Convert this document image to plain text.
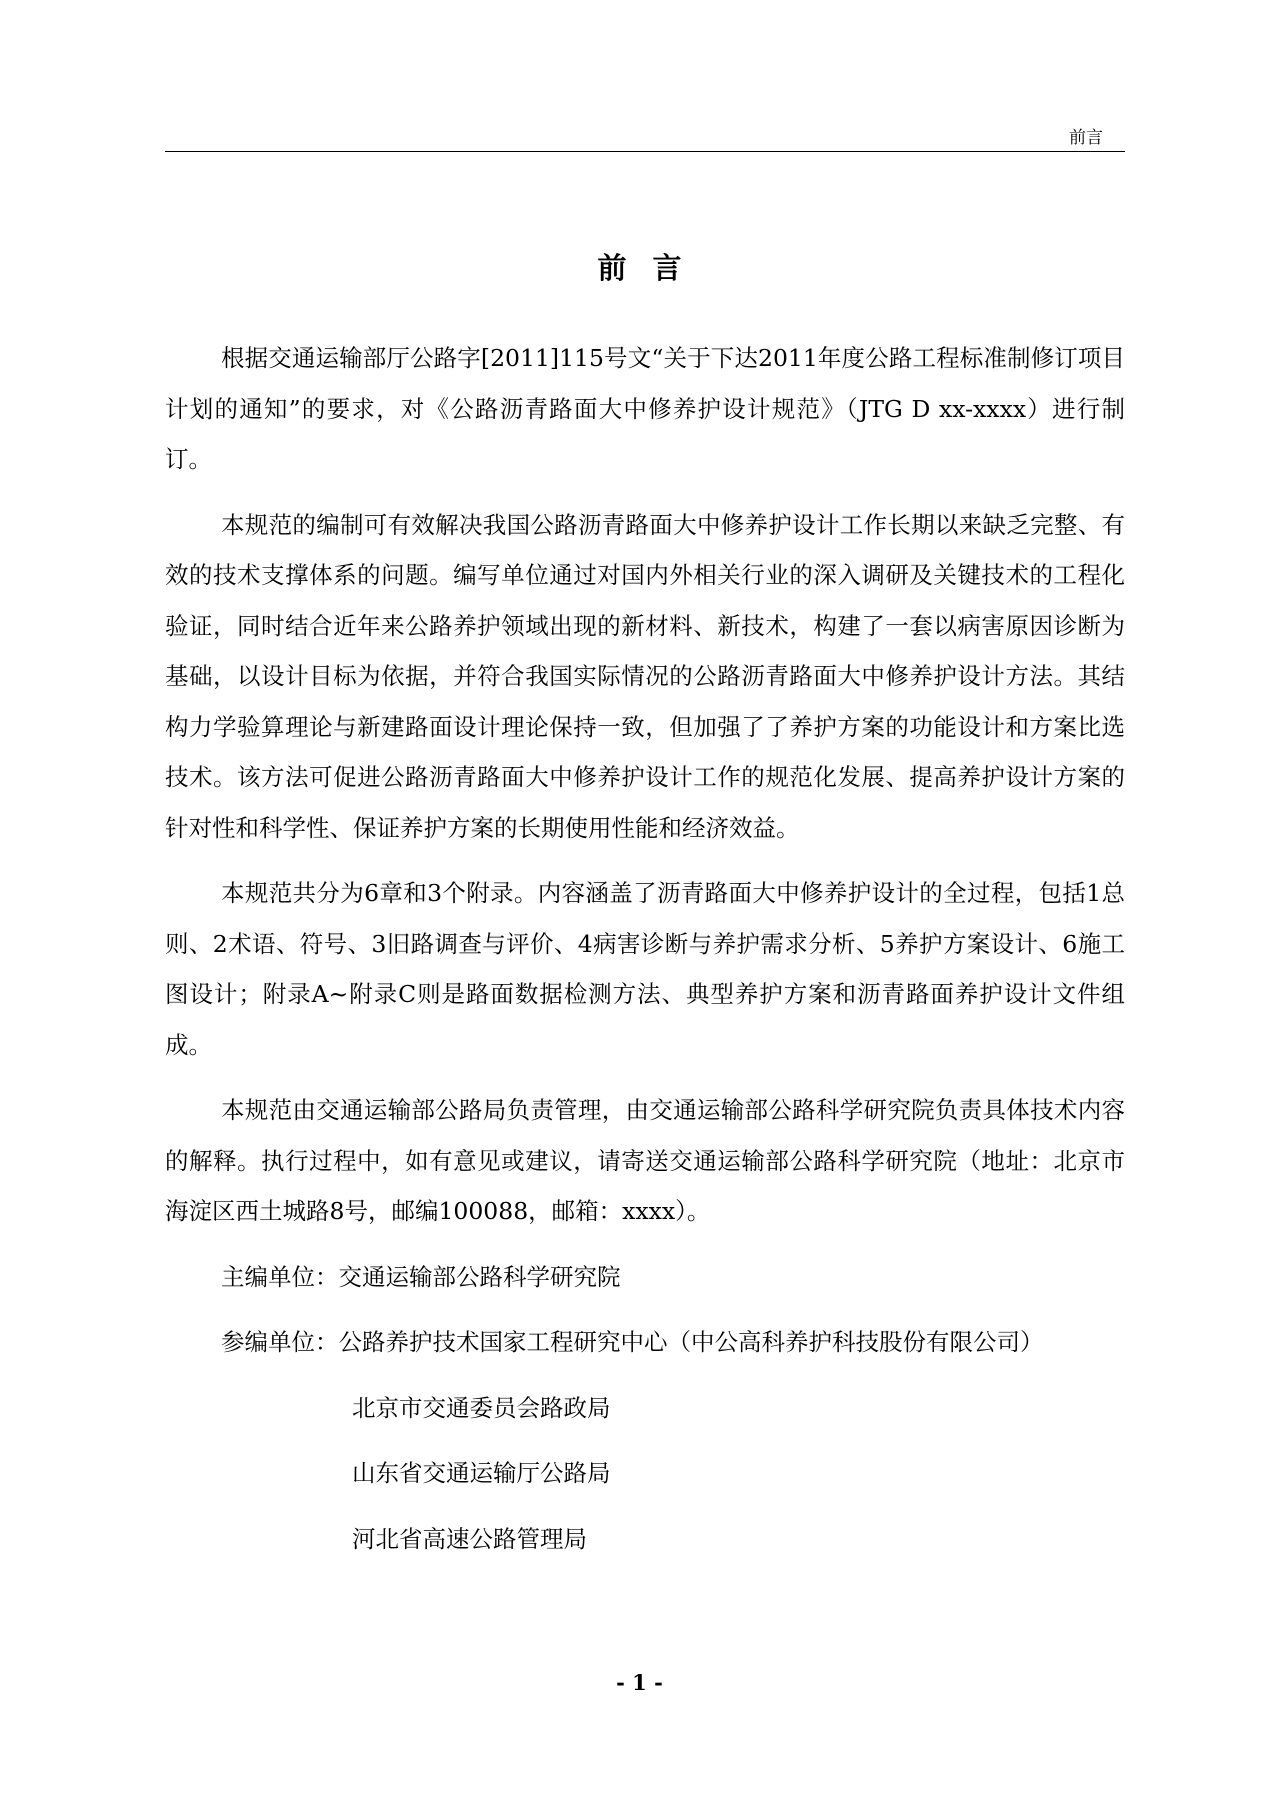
前言
前言

根据交通运输部厅公路字[2011]115号文“关于下达2011年度公路工程标准制修订项目计划的通知”的要求，对《公路沥青路面大中修养护设计规范》（JTG D xx-xxxx）进行制订。

本规范的编制可有效解决我国公路沥青路面大中修养护设计工作长期以来缺乏完整、有效的技术支撑体系的问题。编写单位通过对国内外相关行业的深入调研及关键技术的工程化验证，同时结合近年来公路养护领域出现的新材料、新技术，构建了一套以病害原因诊断为基础，以设计目标为依据，并符合我国实际情况的公路沥青路面大中修养护设计方法。其结构力学验算理论与新建路面设计理论保持一致，但加强了了养护方案的功能设计和方案比选技术。该方法可促进公路沥青路面大中修养护设计工作的规范化发展、提高养护设计方案的针对性和科学性、保证养护方案的长期使用性能和经济效益。

本规范共分为6章和3个附录。内容涵盖了沥青路面大中修养护设计的全过程，包括1总则、2术语、符号、3旧路调查与评价、4病害诊断与养护需求分析、5养护方案设计、6施工图设计；附录A~附录C则是路面数据检测方法、典型养护方案和沥青路面养护设计文件组成。

本规范由交通运输部公路局负责管理，由交通运输部公路科学研究院负责具体技术内容的解释。执行过程中，如有意见或建议，请寄送交通运输部公路科学研究院（地址：北京市海淀区西土城路8号，邮编100088，邮箱：xxxx）。

主编单位：交通运输部公路科学研究院
参编单位：公路养护技术国家工程研究中心（中公高科养护科技股份有限公司）
北京市交通委员会路政局
山东省交通运输厅公路局
河北省高速公路管理局
- 1 -
